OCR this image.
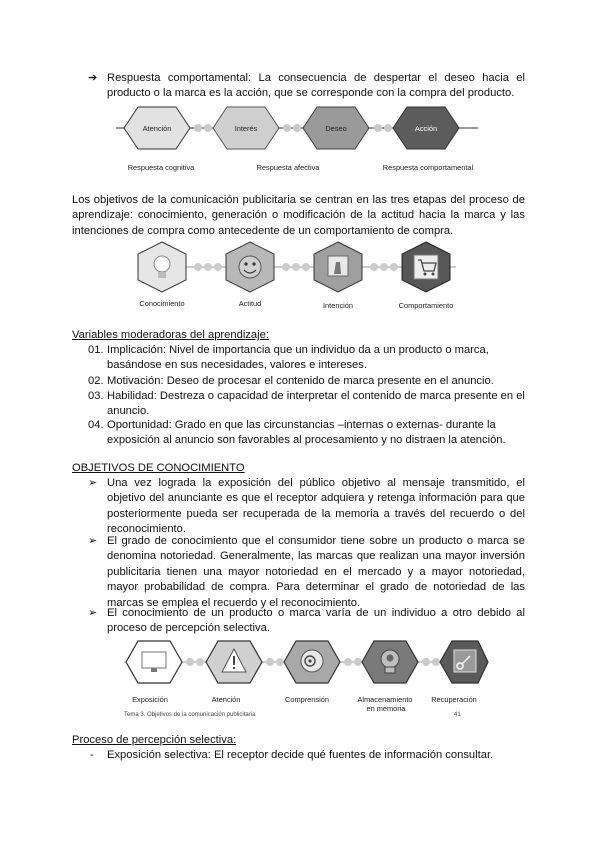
➔ Respuesta comportamental: La consecuencia de despertar el deseo hacia el producto o la marca es la acción, que se corresponde con la compra del producto.

Atención	Interés	Deseo	Acción
Respuesta cognitiva	Respuesta afectiva	Respuesta comportamental

Los objetivos de la comunicación publicitaria se centran en las tres etapas del proceso de aprendizaje: conocimiento, generación o modificación de la actitud hacia la marca y las intenciones de compra como antecedente de un comportamiento de compra.

Conocimiento	Actitud	Intención	Comportamiento
Variables moderadoras del aprendizaje:
01. Implicación: Nivel de importancia que un individuo da a un producto o marca, basándose en sus necesidades, valores e intereses.

02. Motivación: Deseo de procesar el contenido de marca presente en el anuncio.

03. Habilidad: Destreza o capacidad de interpretar el contenido de marca presente en el anuncio.

04. Oportunidad: Grado en que las circunstancias –internas o externas- durante la exposición al anuncio son favorables al procesamiento y no distraen la atención.

OBJETIVOS DE CONOCIMIENTO
➢ Una vez lograda la exposición del público objetivo al mensaje transmitido, el objetivo del anunciante es que el receptor adquiera y retenga información para que posteriormente pueda ser recuperada de la memoria a través del recuerdo o del reconocimiento.

➢ El grado de conocimiento que el consumidor tiene sobre un producto o marca se denomina notoriedad. Generalmente, las marcas que realizan una mayor inversión publicitaria tienen una mayor notoriedad en el mercado y a mayor notoriedad, mayor probabilidad de compra. Para determinar el grado de notoriedad de las marcas se emplea el recuerdo y el reconocimiento.

➢ El conocimiento de un producto o marca varía de un individuo a otro debido al proceso de percepción selectiva.

Exposición	Atención	Comprensión	Almacenamiento en memoria
Recuperación
Tema 3. Objetivos de la comunicación publicitaria	41
Proceso de percepción selectiva:
- Exposición selectiva: El receptor decide qué fuentes de información consultar.
